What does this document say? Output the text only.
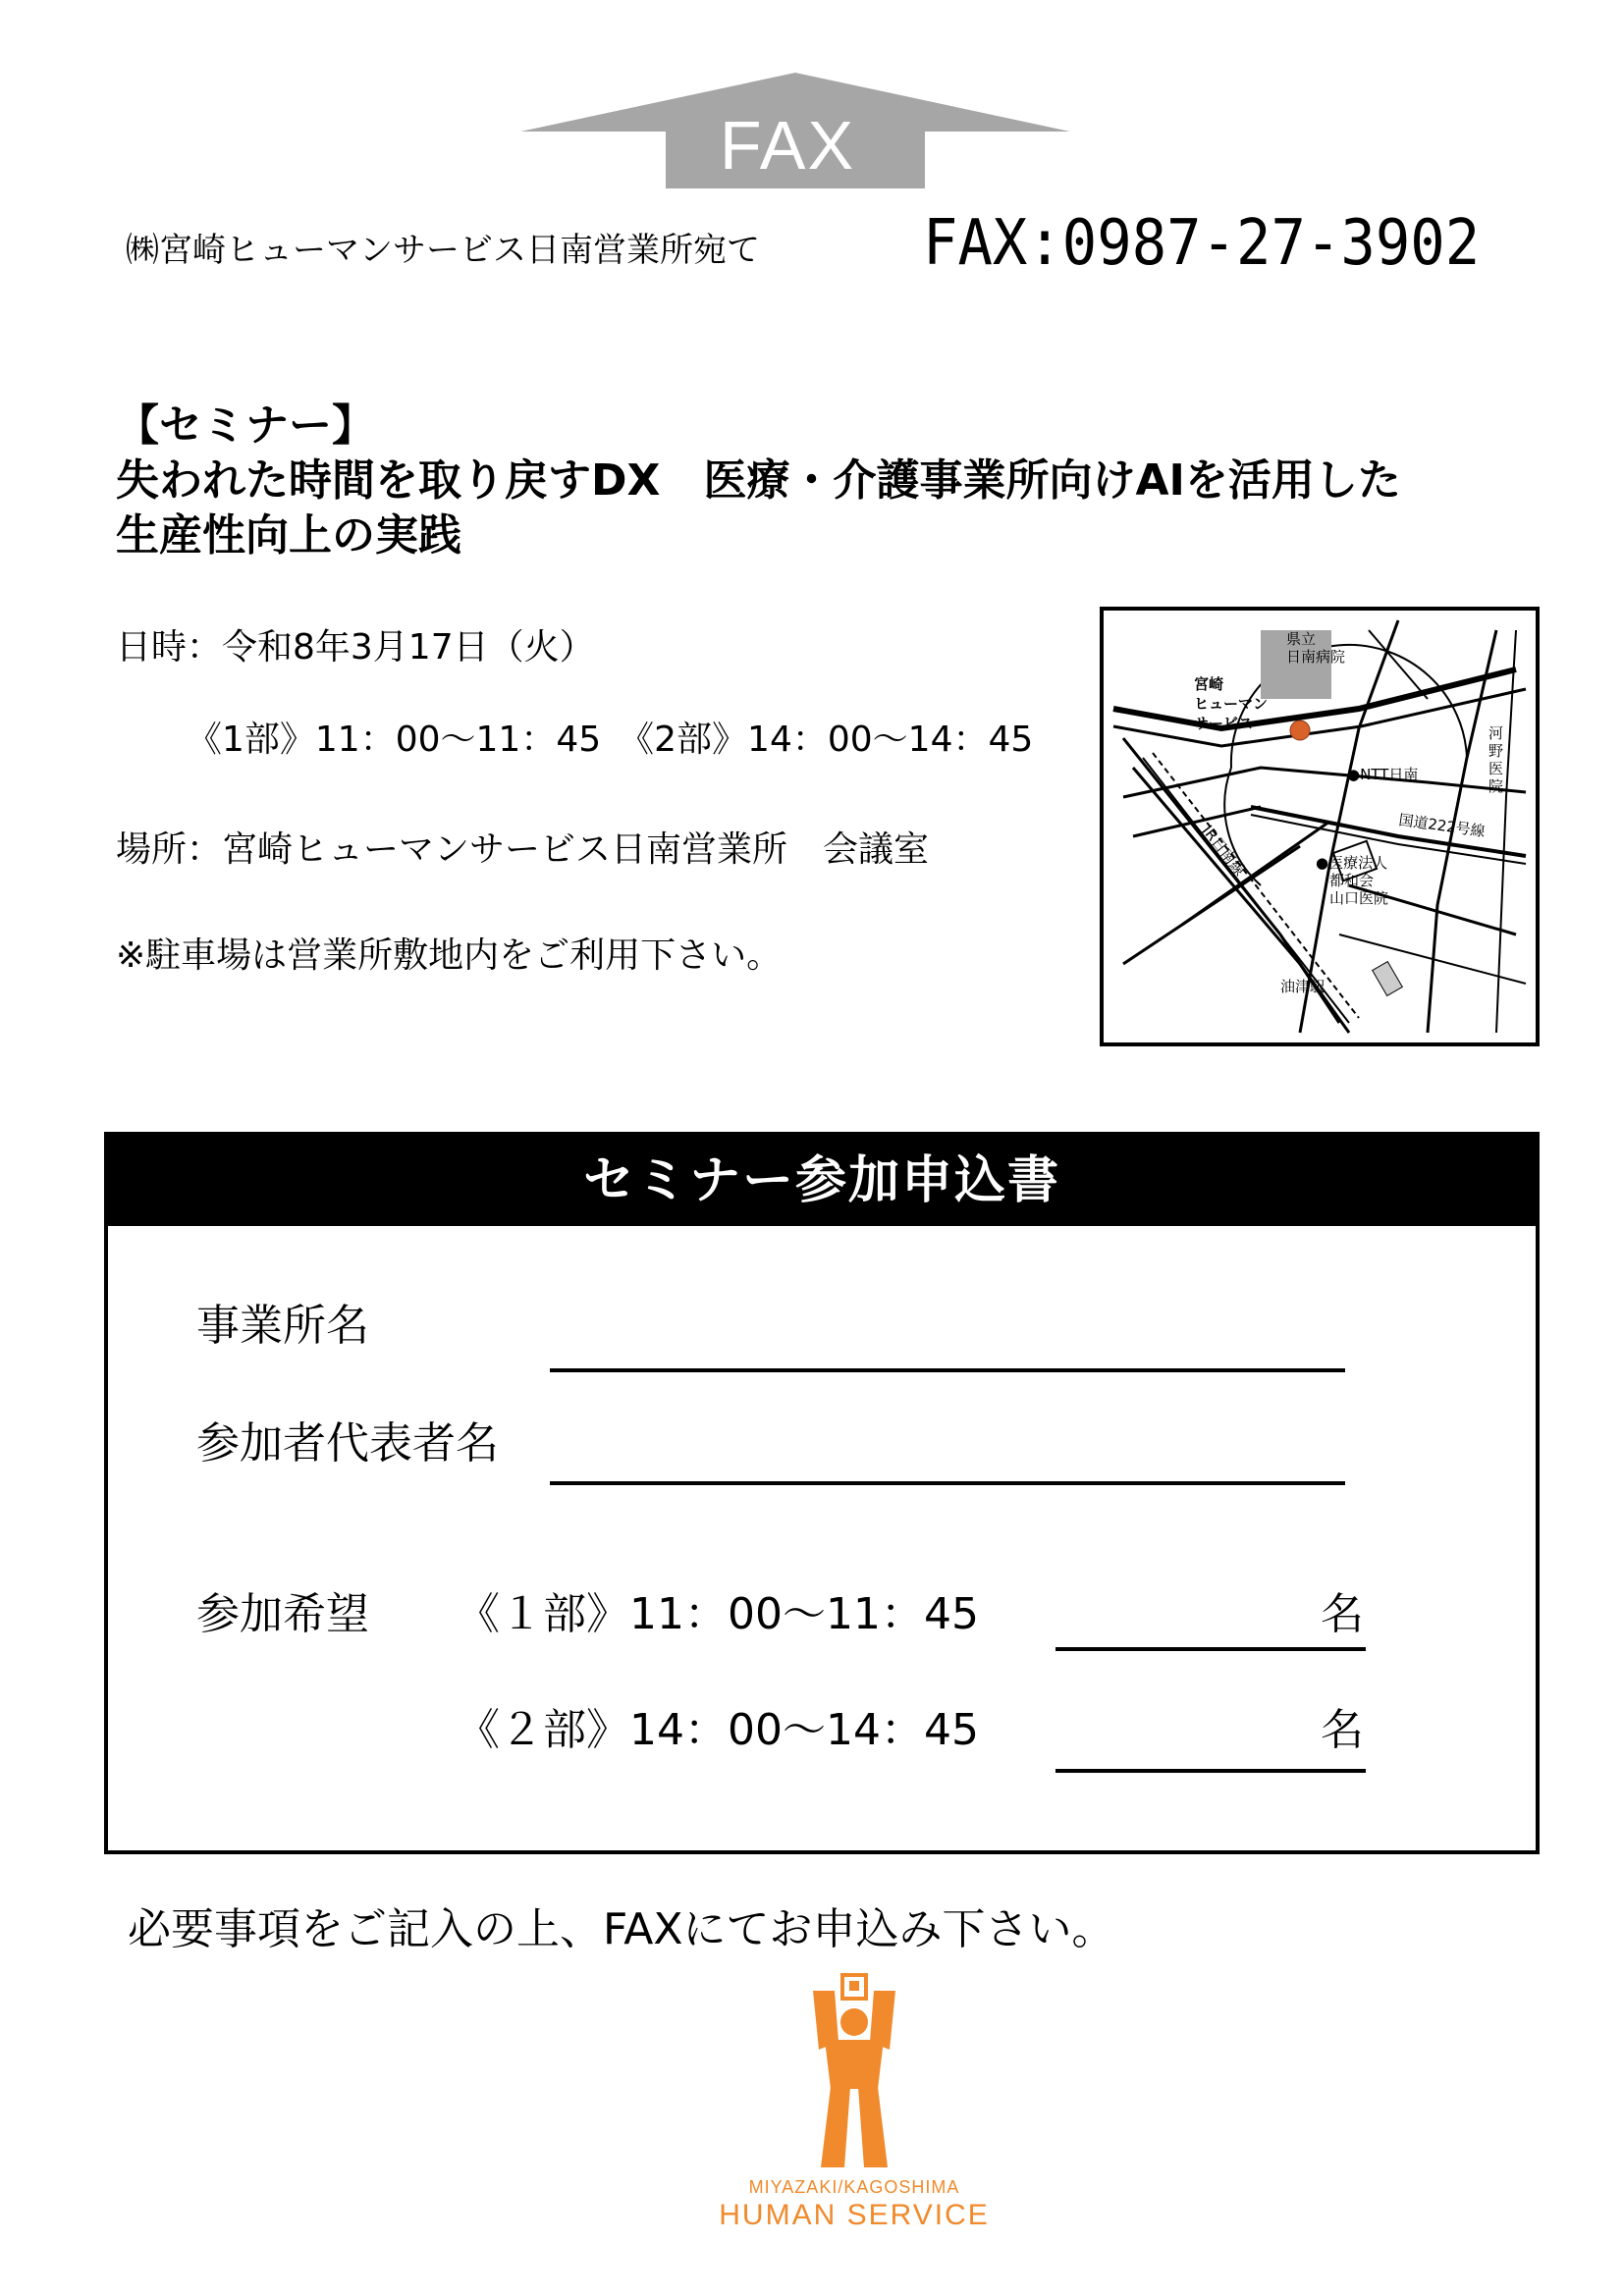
FAX
㈱宮崎ヒューマンサービス日南営業所宛て	FAX:0987-27-3902
【セミナー】
失われた時間を取り戻すDX　医療・介護事業所向けAIを活用した
生産性向上の実践
日時：令和8年3月17日（火）
《1部》11：00～11：45　《2部》14：00～14：45
場所：宮崎ヒューマンサービス日南営業所　会議室
※駐車場は営業所敷地内をご利用下さい。
県立
日南病院
宮崎
ヒューマン
サービス
●NTT日南
河
野
医
院
国道222号線
JR日南線	●医療法人
都和会
山口医院
油津駅
セミナー参加申込書
事業所名
参加者代表者名
参加希望 《１部》11：00～11：45	名
《２部》14：00～14：45	名
必要事項をご記入の上、FAXにてお申込み下さい。
MIYAZAKI/KAGOSHIMA
HUMAN SERVICE
